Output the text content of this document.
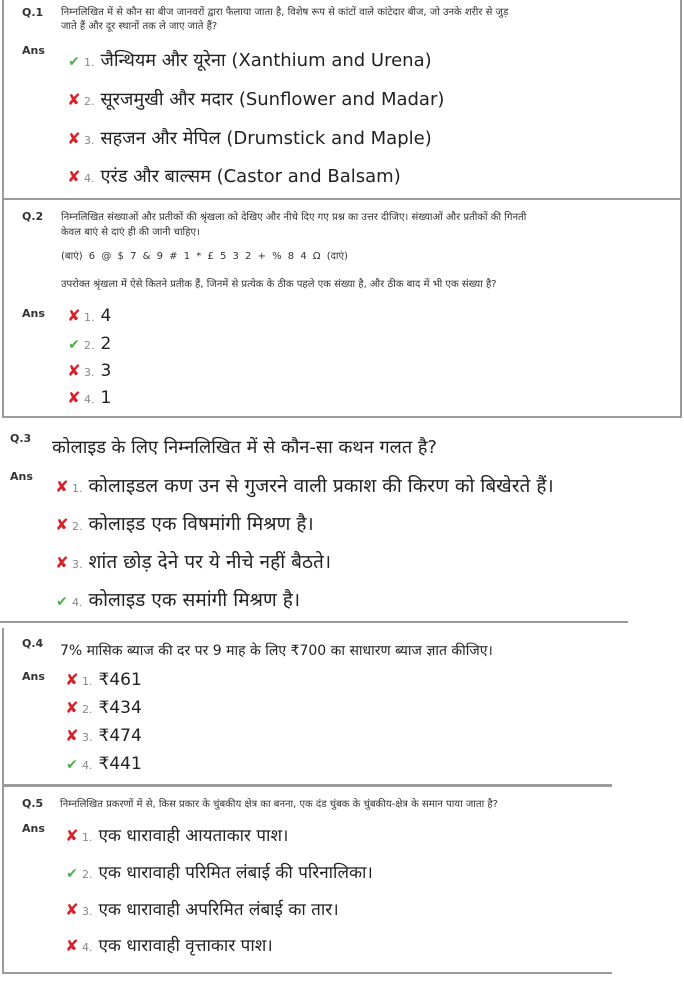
Q.1 निम्नलिखित में से कौन सा बीज जानवरों द्वारा फैलाया जाता है, विशेष रूप से कांटों वाले कांटेदार बीज, जो उनके शरीर से जुड़
जाते हैं और दूर स्थानों तक ले जाए जाते हैं?
Ans
✔ 1. जैन्थियम और यूरेना (Xanthium and Urena)
✘ 2. सूरजमुखी और मदार (Sunflower and Madar)
✘ 3. सहजन और मेपिल (Drumstick and Maple)
✘ 4. एरंड और बाल्सम (Castor and Balsam)
Q.2 निम्नलिखित संख्याओं और प्रतीकों की श्रृंखला को देखिए और नीचे दिए गए प्रश्न का उत्तर दीजिए। संख्याओं और प्रतीकों की गिनती
केवल बाएं से दाएं ही की जानी चाहिए।
(बाएं) 6 @ $ 7 & 9 # 1 * £ 5 3 2 + % 8 4 Ω (दाएं)
उपरोक्त श्रृंखला में ऐसे कितने प्रतीक हैं, जिनमें से प्रत्येक के ठीक पहले एक संख्या है, और ठीक बाद में भी एक संख्या है?
Ans ✘ 1. 4
✔ 2. 2
✘ 3. 3
✘ 4. 1
Q.3 कोलाइड के लिए निम्नलिखित में से कौन-सा कथन गलत है?
Ans
✘ 1. कोलाइडल कण उन से गुजरने वाली प्रकाश की किरण को बिखेरते हैं।
✘ 2. कोलाइड एक विषमांगी मिश्रण है।
✘ 3. शांत छोड़ देने पर ये नीचे नहीं बैठते।
✔ 4. कोलाइड एक समांगी मिश्रण है।
Q.4 7% मासिक ब्याज की दर पर 9 माह के लिए ₹700 का साधारण ब्याज ज्ञात कीजिए।
Ans ✘ 1. ₹461
✘ 2. ₹434
✘ 3. ₹474
✔ 4. ₹441
Q.5 निम्नलिखित प्रकरणों में से, किस प्रकार के चुंबकीय क्षेत्र का बनना, एक दंड चुंबक के चुंबकीय-क्षेत्र के समान पाया जाता है?
Ans ✘ 1. एक धारावाही आयताकार पाश।
✔ 2. एक धारावाही परिमित लंबाई की परिनालिका।
✘ 3. एक धारावाही अपरिमित लंबाई का तार।
✘ 4. एक धारावाही वृत्ताकार पाश।
